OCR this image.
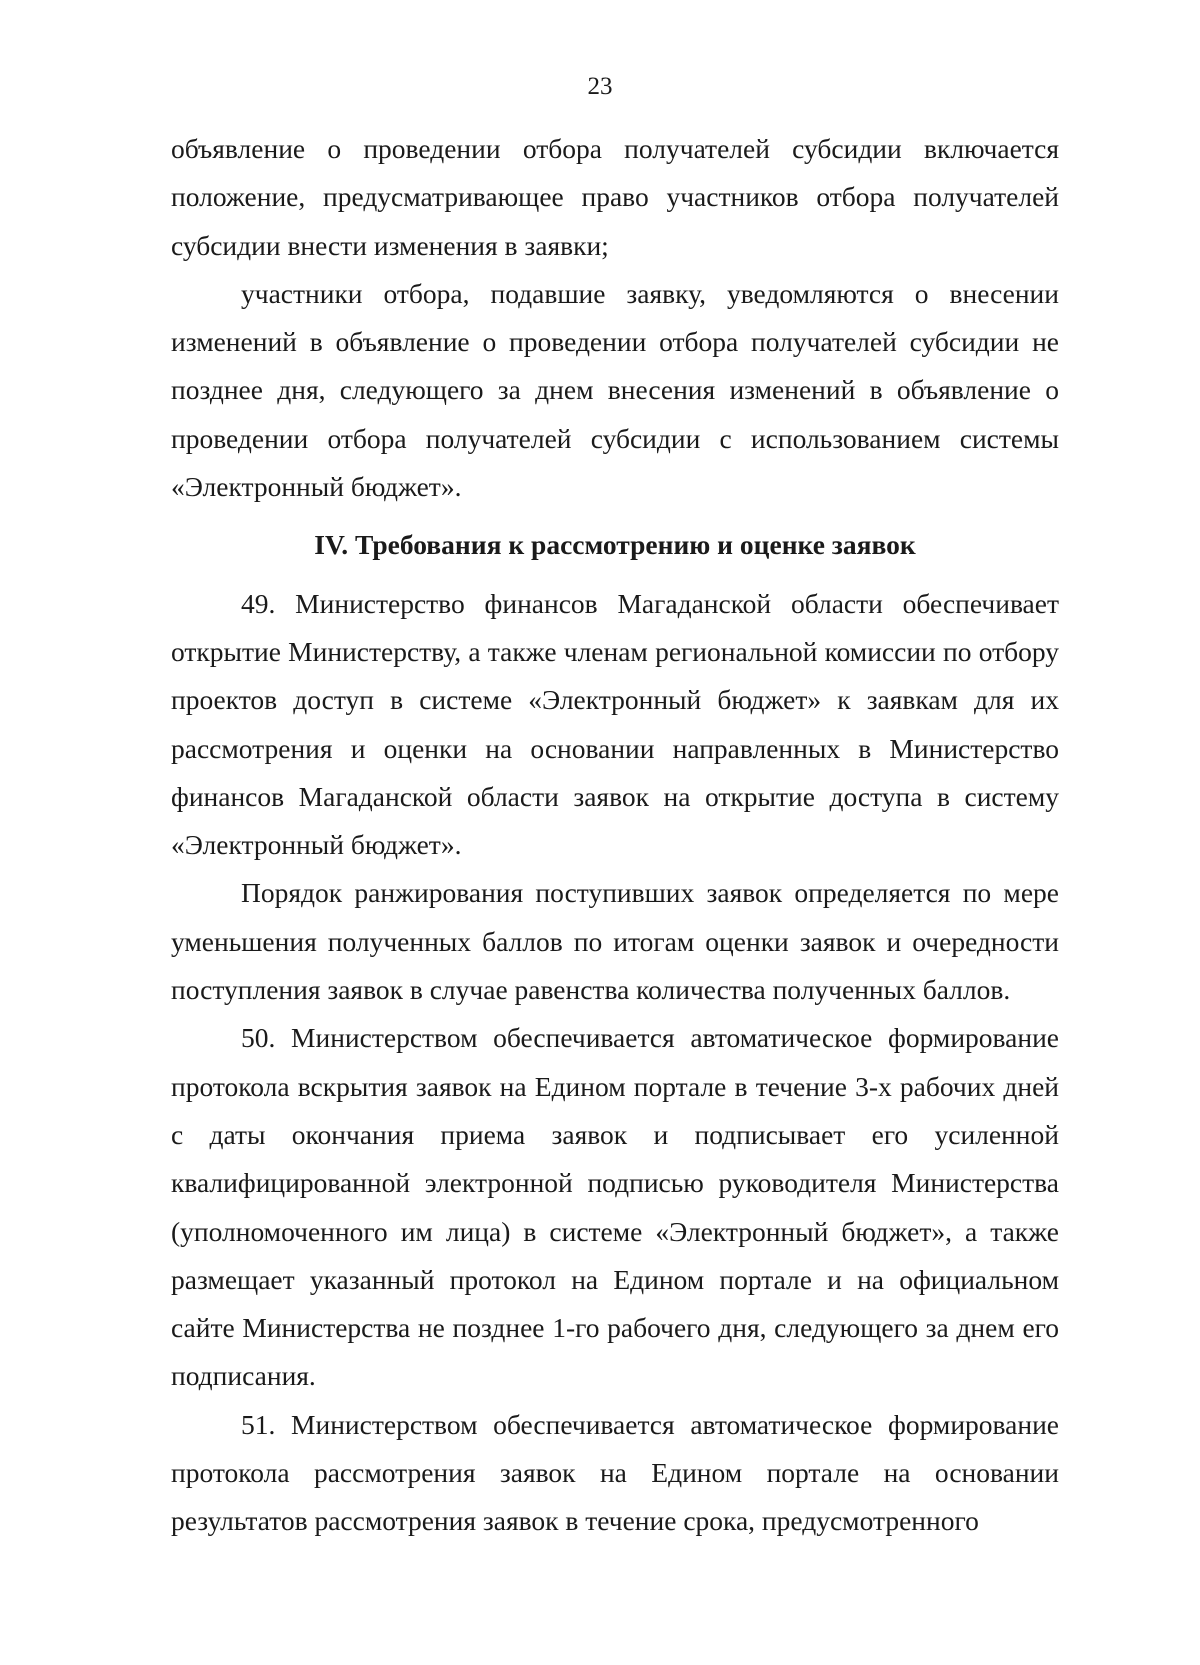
23

объявление о проведении отбора получателей субсидии включается положение, предусматривающее право участников отбора получателей субсидии внести изменения в заявки;

участники отбора, подавшие заявку, уведомляются о внесении изменений в объявление о проведении отбора получателей субсидии не позднее дня, следующего за днем внесения изменений в объявление о проведении отбора получателей субсидии с использованием системы «Электронный бюджет».

IV. Требования к рассмотрению и оценке заявок

49. Министерство финансов Магаданской области обеспечивает открытие Министерству, а также членам региональной комиссии по отбору проектов доступ в системе «Электронный бюджет» к заявкам для их рассмотрения и оценки на основании направленных в Министерство финансов Магаданской области заявок на открытие доступа в систему «Электронный бюджет».

Порядок ранжирования поступивших заявок определяется по мере уменьшения полученных баллов по итогам оценки заявок и очередности поступления заявок в случае равенства количества полученных баллов.

50. Министерством обеспечивается автоматическое формирование протокола вскрытия заявок на Едином портале в течение 3-х рабочих дней с даты окончания приема заявок и подписывает его усиленной квалифицированной электронной подписью руководителя Министерства (уполномоченного им лица) в системе «Электронный бюджет», а также размещает указанный протокол на Едином портале и на официальном сайте Министерства не позднее 1-го рабочего дня, следующего за днем его подписания.

51. Министерством обеспечивается автоматическое формирование протокола рассмотрения заявок на Едином портале на основании результатов рассмотрения заявок в течение срока, предусмотренного
